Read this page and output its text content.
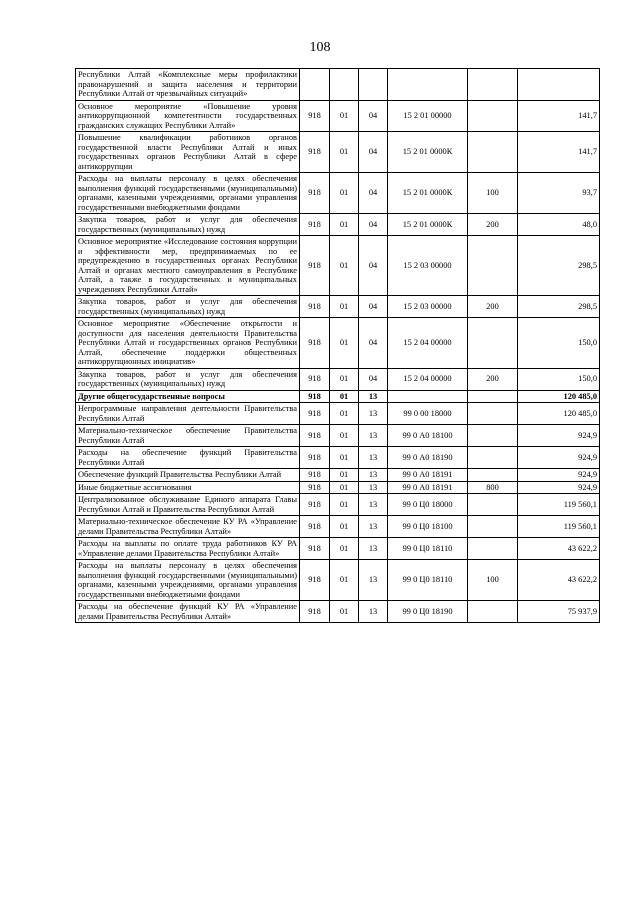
108
Республики Алтай «Комплексные меры профилактики правонарушений и защита населения и территории Республики Алтай от чрезвычайных ситуаций»						
Основное мероприятие «Повышение уровня антикоррупционной компетентности государственных гражданских служащих Республики Алтай»	918	01	04	15 2 01 00000		141,7
Повышение квалификации работников органов государственной власти Республики Алтай и иных государственных органов Республики Алтай в сфере антикоррупции	918	01	04	15 2 01 0000К		141,7
Расходы на выплаты персоналу в целях обеспечения выполнения функций государственными (муниципальными) органами, казенными учреждениями, органами управления государственными внебюджетными фондами	918	01	04	15 2 01 0000К	100	93,7
Закупка товаров, работ и услуг для обеспечения государственных (муниципальных) нужд	918	01	04	15 2 01 0000К	200	48,0
Основное мероприятие «Исследование состояния коррупции и эффективности мер, предпринимаемых по ее предупреждению в государственных органах Республики Алтай и органах местного самоуправления в Республике Алтай, а также в государственных и муниципальных учреждениях Республики Алтай»	918	01	04	15 2 03 00000		298,5
Закупка товаров, работ и услуг для обеспечения государственных (муниципальных) нужд	918	01	04	15 2 03 00000	200	298,5
Основное мероприятие «Обеспечение открытости и доступности для населения деятельности Правительства Республики Алтай и государственных органов Республики Алтай, обеспечение поддержки общественных антикоррупционных инициатив»	918	01	04	15 2 04 00000		150,0
Закупка товаров, работ и услуг для обеспечения государственных (муниципальных) нужд	918	01	04	15 2 04 00000	200	150,0
Другие общегосударственные вопросы	918	01	13			120 485,0
Непрограммные направления деятельности Правительства Республики Алтай	918	01	13	99 0 00 18000		120 485,0
Материально-техническое обеспечение Правительства Республики Алтай	918	01	13	99 0 А0 18100		924,9
Расходы на обеспечение функций Правительства Республики Алтай	918	01	13	99 0 А0 18190		924,9
Обеспечение функций Правительства Республики Алтай	918	01	13	99 0 А0 18191		924,9
Иные бюджетные ассигнования	918	01	13	99 0 А0 18191	800	924,9
Централизованное обслуживание Единого аппарата Главы Республики Алтай и Правительства Республики Алтай	918	01	13	99 0 Ц0 18000		119 560,1
Материально-техническое обеспечение КУ РА «Управление делами Правительства Республики Алтай»	918	01	13	99 0 Ц0 18100		119 560,1
Расходы на выплаты по оплате труда работников КУ РА «Управление делами Правительства Республики Алтай»	918	01	13	99 0 Ц0 18110		43 622,2
Расходы на выплаты персоналу в целях обеспечения выполнения функций государственными (муниципальными) органами, казенными учреждениями, органами управления государственными внебюджетными фондами	918	01	13	99 0 Ц0 18110	100	43 622,2
Расходы на обеспечение функций КУ РА «Управление делами Правительства Республики Алтай»	918	01	13	99 0 Ц0 18190		75 937,9
